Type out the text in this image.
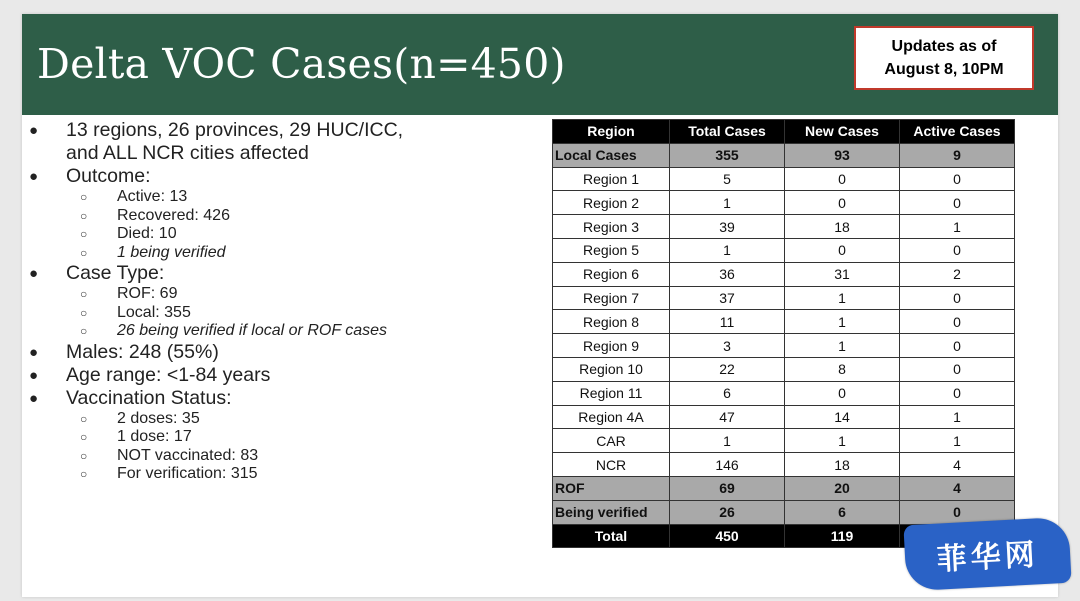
Delta VOC Cases(n=450)	Updates as of
August 8, 10PM
● 13 regions, 26 provinces, 29 HUC/ICC,
and ALL NCR cities affected
● Outcome:
○ Active: 13
○ Recovered: 426
○ Died: 10
○ 1 being verified
● Case Type:
○ ROF: 69
○ Local: 355
○ 26 being verified if local or ROF cases
● Males: 248 (55%)
● Age range: <1-84 years
● Vaccination Status:
○ 2 doses: 35
○ 1 dose: 17
○ NOT vaccinated: 83
○ For verification: 315
Region	Total Cases	New Cases	Active Cases
Local Cases	355	93	9
Region 1	5	0	0
Region 2	1	0	0
Region 3	39	18	1
Region 5	1	0	0
Region 6	36	31	2
Region 7	37	1	0
Region 8	11	1	0
Region 9	3	1	0
Region 10	22	8	0
Region 11	6	0	0
Region 4A	47	14	1
CAR	1	1	1
NCR	146	18	4
ROF	69	20	4
Being verified	26	6	0
Total	450	119	
菲华网
